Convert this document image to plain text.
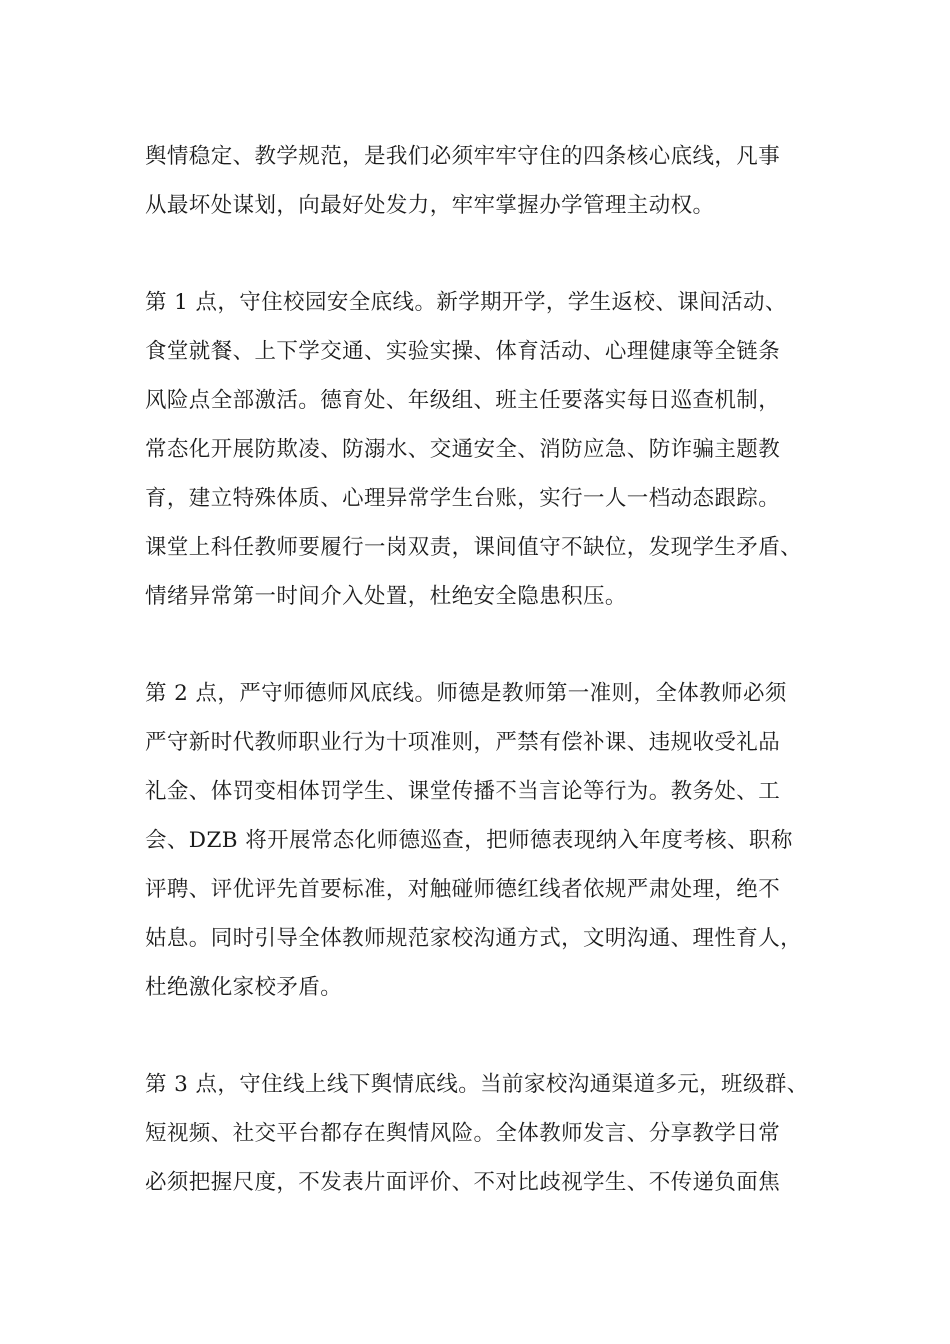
舆情稳定、教学规范，是我们必须牢牢守住的四条核心底线，凡事
从最坏处谋划，向最好处发力，牢牢掌握办学管理主动权。
第 1 点，守住校园安全底线。新学期开学，学生返校、课间活动、
食堂就餐、上下学交通、实验实操、体育活动、心理健康等全链条
风险点全部激活。德育处、年级组、班主任要落实每日巡查机制，
常态化开展防欺凌、防溺水、交通安全、消防应急、防诈骗主题教
育，建立特殊体质、心理异常学生台账，实行一人一档动态跟踪。
课堂上科任教师要履行一岗双责，课间值守不缺位，发现学生矛盾、
情绪异常第一时间介入处置，杜绝安全隐患积压。
第 2 点，严守师德师风底线。师德是教师第一准则，全体教师必须
严守新时代教师职业行为十项准则，严禁有偿补课、违规收受礼品
礼金、体罚变相体罚学生、课堂传播不当言论等行为。教务处、工
会、DZB 将开展常态化师德巡查，把师德表现纳入年度考核、职称
评聘、评优评先首要标准，对触碰师德红线者依规严肃处理，绝不
姑息。同时引导全体教师规范家校沟通方式，文明沟通、理性育人，
杜绝激化家校矛盾。
第 3 点，守住线上线下舆情底线。当前家校沟通渠道多元，班级群、
短视频、社交平台都存在舆情风险。全体教师发言、分享教学日常
必须把握尺度，不发表片面评价、不对比歧视学生、不传递负面焦
